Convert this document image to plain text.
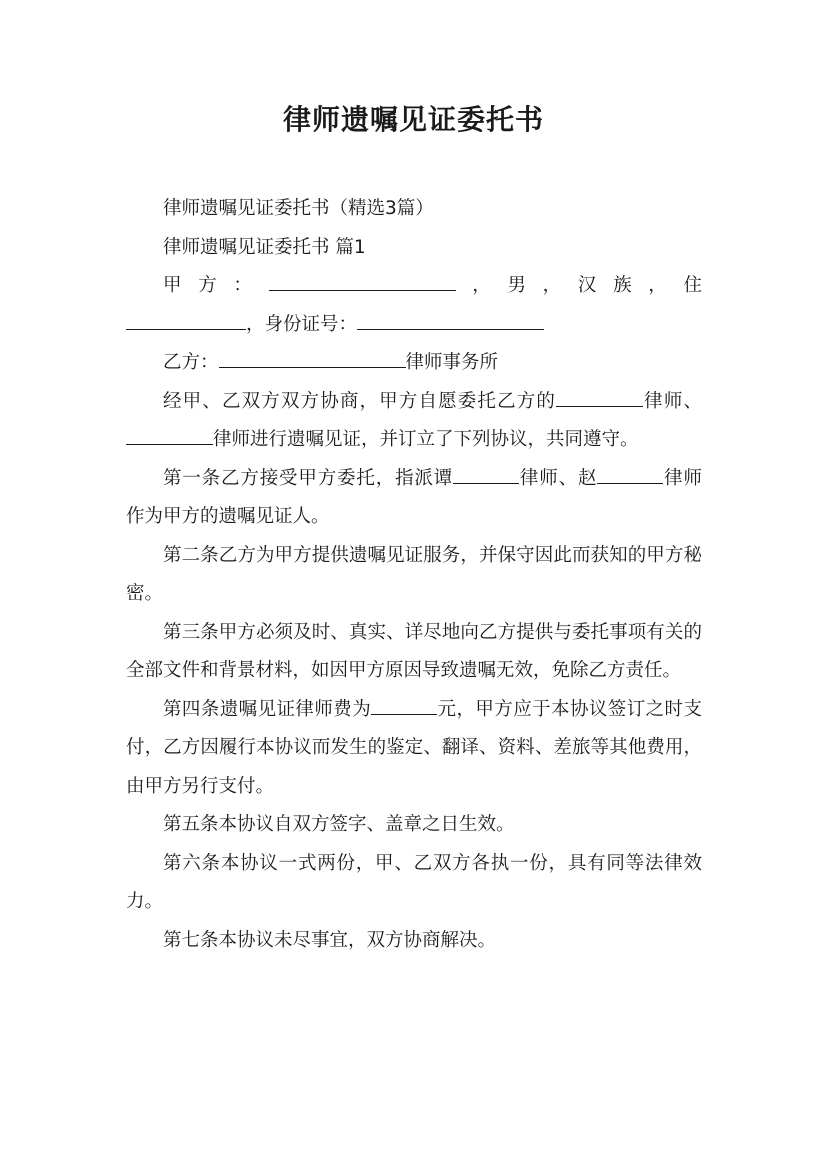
律师遗嘱见证委托书

律师遗嘱见证委托书（精选3篇）

律师遗嘱见证委托书 篇1

甲方：	，男，汉族，住

，身份证号：

乙方：	律师事务所

经甲、乙双方双方协商，甲方自愿委托乙方的	律师、律师进行遗嘱见证，并订立了下列协议，共同遵守。

第一条乙方接受甲方委托，指派谭	律师、赵	律师作为甲方的遗嘱见证人。

第二条乙方为甲方提供遗嘱见证服务，并保守因此而获知的甲方秘密。

第三条甲方必须及时、真实、详尽地向乙方提供与委托事项有关的全部文件和背景材料，如因甲方原因导致遗嘱无效，免除乙方责任。

第四条遗嘱见证律师费为	元，甲方应于本协议签订之时支付，乙方因履行本协议而发生的鉴定、翻译、资料、差旅等其他费用，由甲方另行支付。

第五条本协议自双方签字、盖章之日生效。

第六条本协议一式两份，甲、乙双方各执一份，具有同等法律效力。

第七条本协议未尽事宜，双方协商解决。
